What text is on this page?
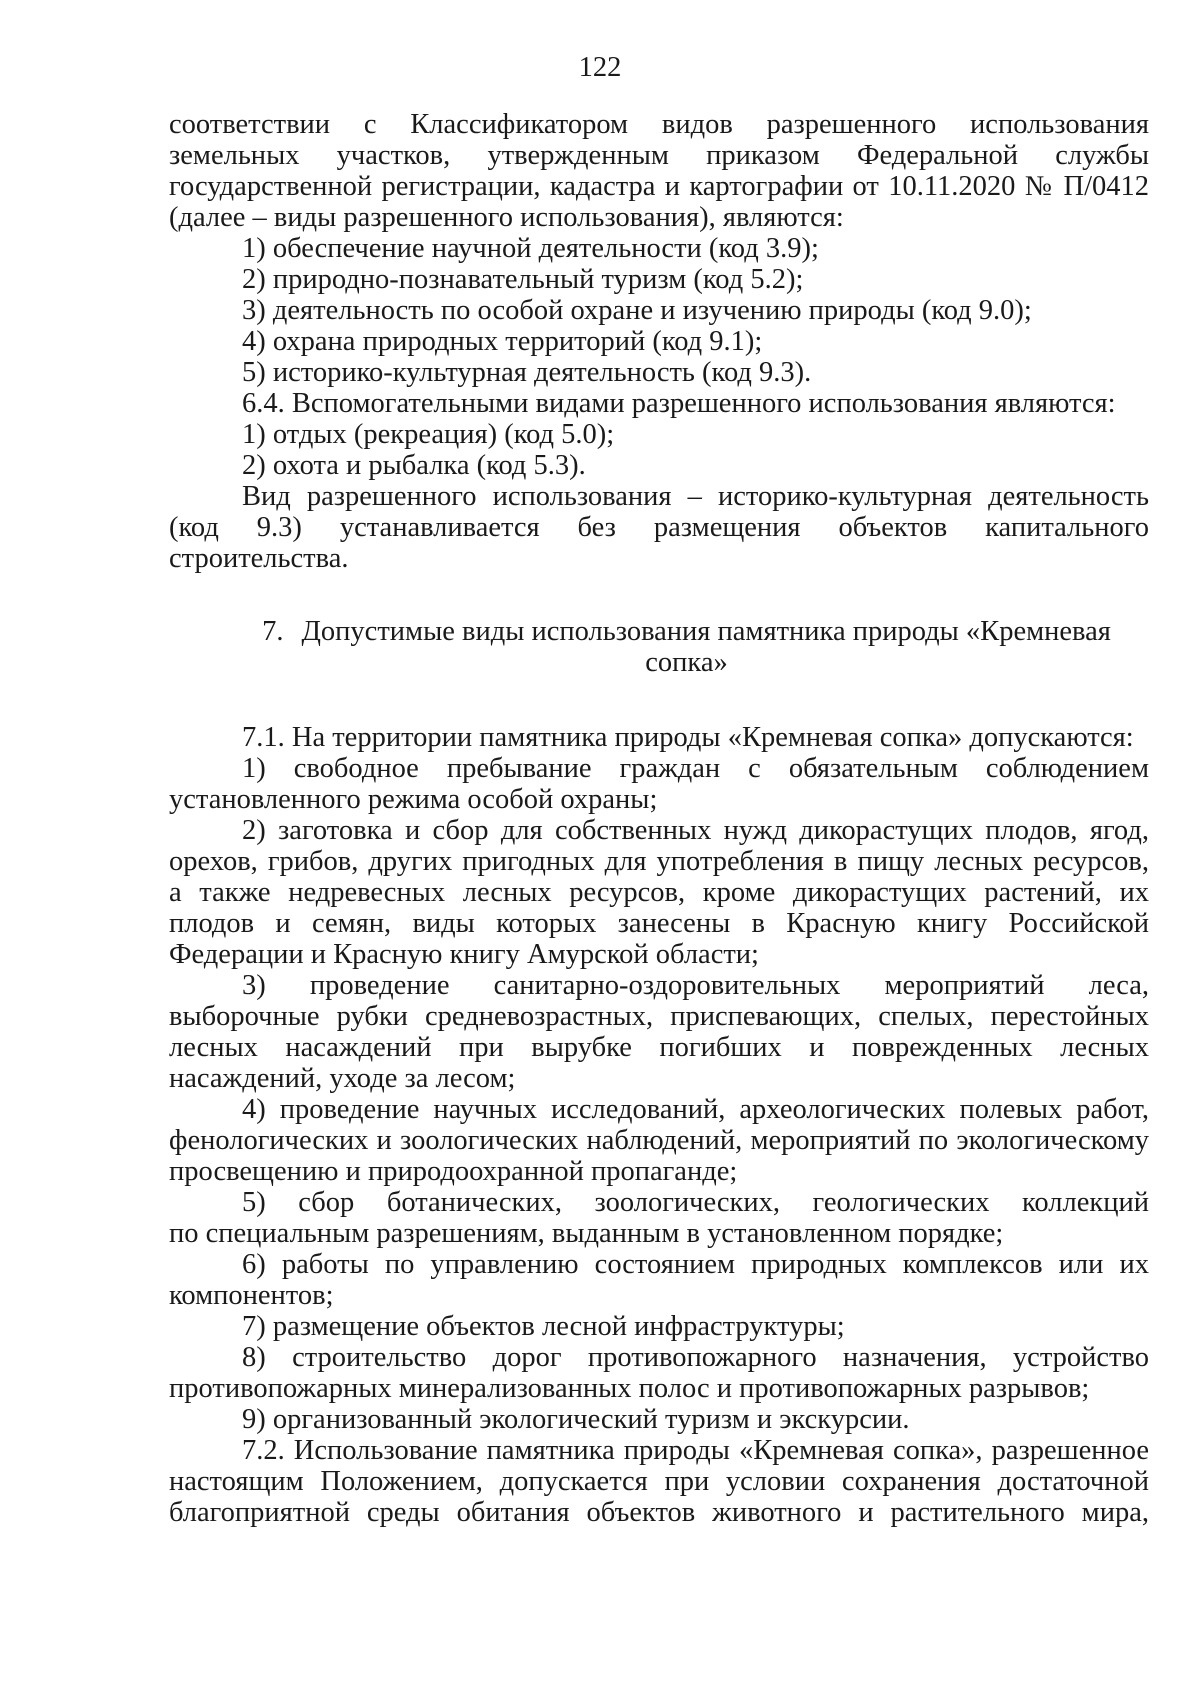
122

соответствии с Классификатором видов разрешенного использования

земельных участков, утвержденным приказом Федеральной службы

государственной регистрации, кадастра и картографии от 10.11.2020 № П/0412

(далее – виды разрешенного использования), являются:

1) обеспечение научной деятельности (код 3.9);

2) природно-познавательный туризм (код 5.2);

3) деятельность по особой охране и изучению природы (код 9.0);

4) охрана природных территорий (код 9.1);

5) историко-культурная деятельность (код 9.3).

6.4. Вспомогательными видами разрешенного использования являются:

1) отдых (рекреация) (код 5.0);

2) охота и рыбалка (код 5.3).

Вид разрешенного использования – историко-культурная деятельность

(код 9.3) устанавливается без размещения объектов капитального

строительства.

7. Допустимые виды использования памятника природы «Кремневая

сопка»

7.1. На территории памятника природы «Кремневая сопка» допускаются:

1) свободное пребывание граждан с обязательным соблюдением

установленного режима особой охраны;

2) заготовка и сбор для собственных нужд дикорастущих плодов, ягод,

орехов, грибов, других пригодных для употребления в пищу лесных ресурсов,

а также недревесных лесных ресурсов, кроме дикорастущих растений, их

плодов и семян, виды которых занесены в Красную книгу Российской

Федерации и Красную книгу Амурской области;

3) проведение санитарно-оздоровительных мероприятий леса,

выборочные рубки средневозрастных, приспевающих, спелых, перестойных

лесных насаждений при вырубке погибших и поврежденных лесных

насаждений, уходе за лесом;

4) проведение научных исследований, археологических полевых работ,

фенологических и зоологических наблюдений, мероприятий по экологическому

просвещению и природоохранной пропаганде;

5) сбор ботанических, зоологических, геологических коллекций

по специальным разрешениям, выданным в установленном порядке;

6) работы по управлению состоянием природных комплексов или их

компонентов;

7) размещение объектов лесной инфраструктуры;

8) строительство дорог противопожарного назначения, устройство

противопожарных минерализованных полос и противопожарных разрывов;

9) организованный экологический туризм и экскурсии.

7.2. Использование памятника природы «Кремневая сопка», разрешенное

настоящим Положением, допускается при условии сохранения достаточной

благоприятной среды обитания объектов животного и растительного мира,
